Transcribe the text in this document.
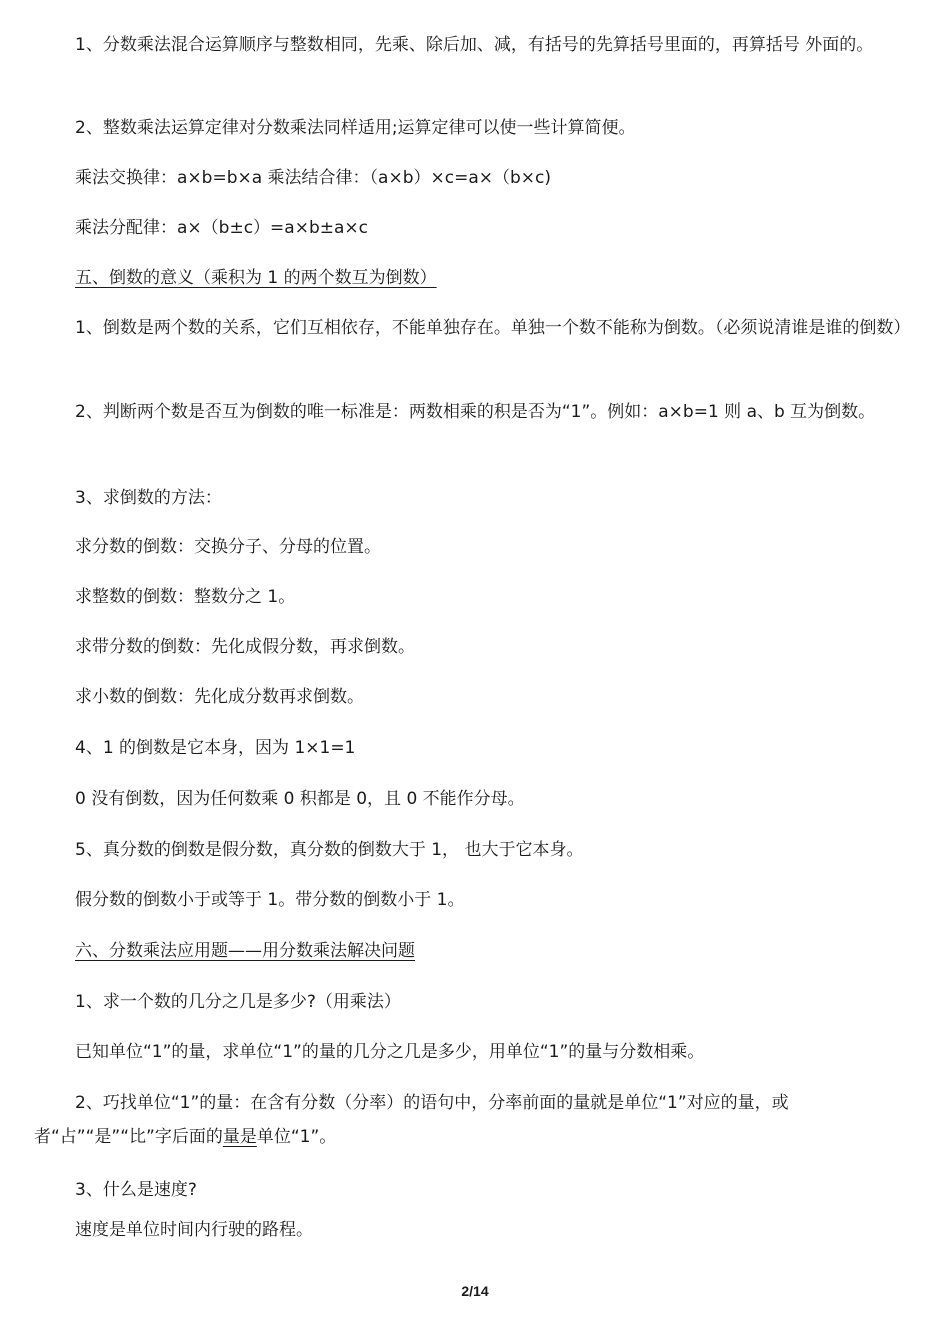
1、分数乘法混合运算顺序与整数相同，先乘、除后加、减，有括号的先算括号里面的，再算括号 外面的。

2、整数乘法运算定律对分数乘法同样适用;运算定律可以使一些计算简便。

乘法交换律：a×b=b×a 乘法结合律：（a×b）×c=a×（b×c)

乘法分配律：a×（b±c）=a×b±a×c

五、倒数的意义（乘积为 1 的两个数互为倒数）

1、倒数是两个数的关系，它们互相依存，不能单独存在。单独一个数不能称为倒数。（必须说清谁是谁的倒数）

2、判断两个数是否互为倒数的唯一标准是：两数相乘的积是否为“1”。例如：a×b=1 则 a、b 互为倒数。

3、求倒数的方法：

求分数的倒数：交换分子、分母的位置。

求整数的倒数：整数分之 1。

求带分数的倒数：先化成假分数，再求倒数。

求小数的倒数：先化成分数再求倒数。

4、1 的倒数是它本身，因为 1×1=1

0 没有倒数，因为任何数乘 0 积都是 0，且 0 不能作分母。

5、真分数的倒数是假分数，真分数的倒数大于 1， 也大于它本身。

假分数的倒数小于或等于 1。带分数的倒数小于 1。

六、分数乘法应用题——用分数乘法解决问题

1、求一个数的几分之几是多少?（用乘法）

已知单位“1”的量，求单位“1”的量的几分之几是多少，用单位“1”的量与分数相乘。

2、巧找单位“1”的量：在含有分数（分率）的语句中，分率前面的量就是单位“1”对应的量，或者“占”“是”“比”字后面的量是单位“1”。

3、什么是速度?

速度是单位时间内行驶的路程。

2/14
